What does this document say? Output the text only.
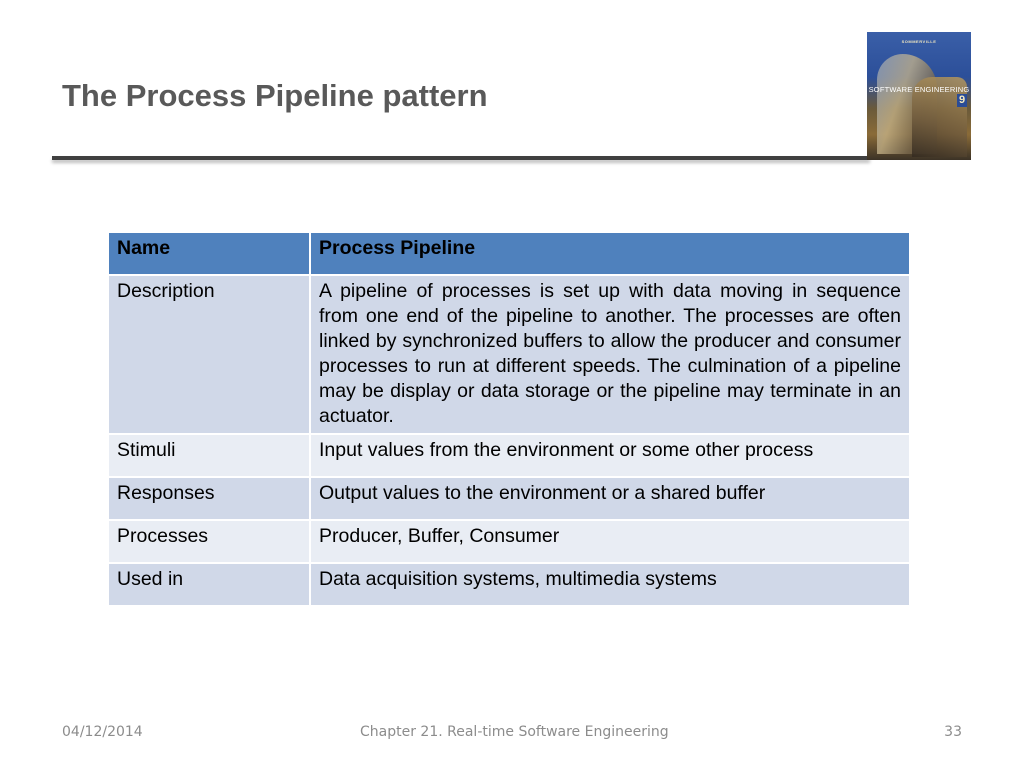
The Process Pipeline pattern
SOMMERVILLE
SOFTWARE ENGINEERING
9
Name	Process Pipeline
Description	A pipeline of processes is set up with data moving in sequence from one end of the pipeline to another. The processes are often linked by synchronized buffers to allow the producer and consumer processes to run at different speeds. The culmination of a pipeline may be display or data storage or the pipeline may terminate in an actuator.
Stimuli	Input values from the environment or some other process
Responses	Output values to the environment or a shared buffer
Processes	Producer, Buffer, Consumer
Used in	Data acquisition systems, multimedia systems
04/12/2014	Chapter 21. Real-time Software Engineering	33
